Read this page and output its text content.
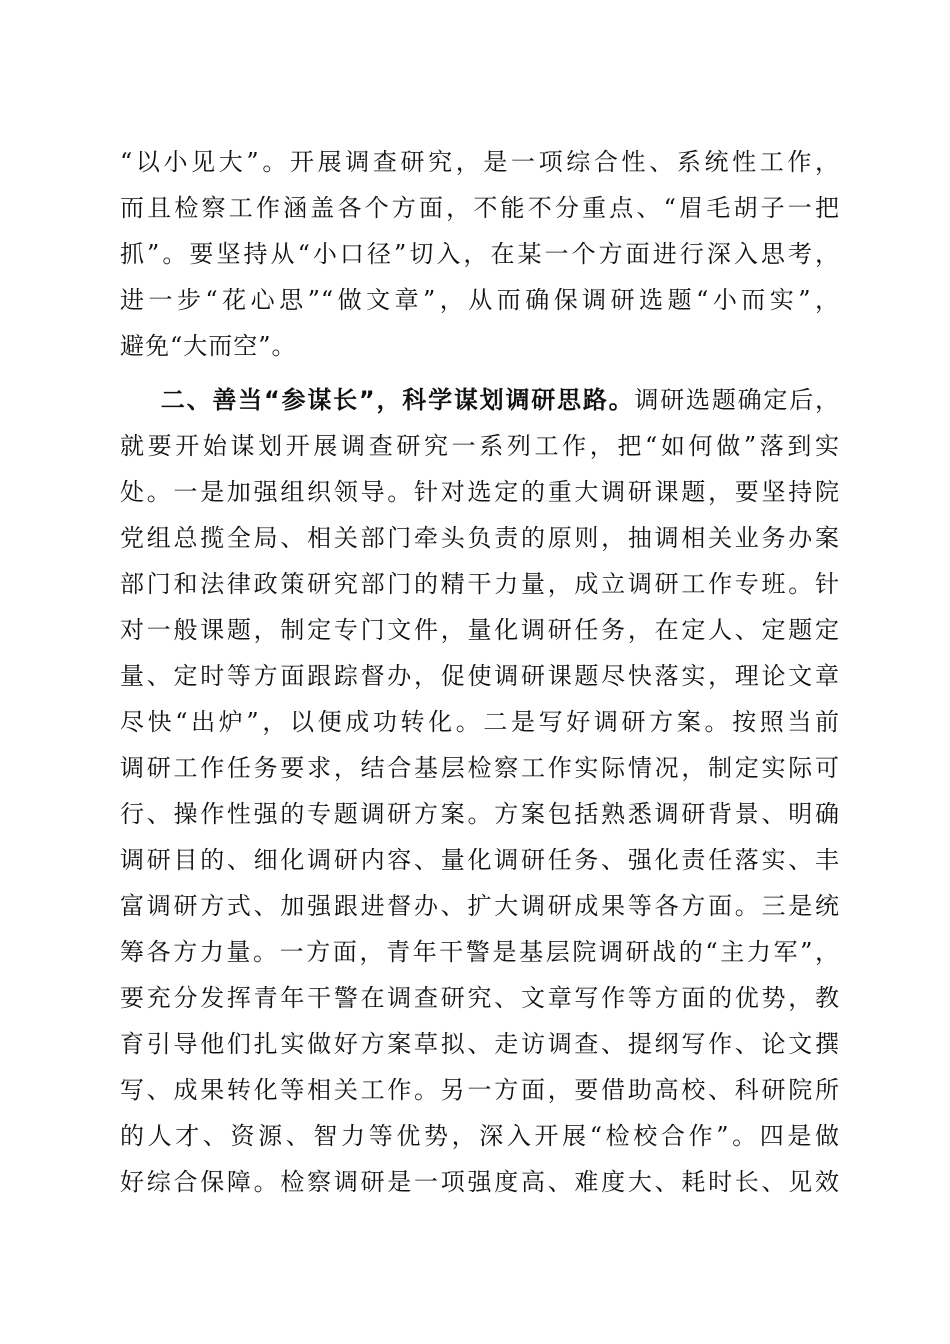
“以小见大”。开展调查研究，是一项综合性、系统性工作，
而且检察工作涵盖各个方面，不能不分重点、“眉毛胡子一把
抓”。要坚持从“小口径”切入，在某一个方面进行深入思考，
进一步“花心思”“做文章”，从而确保调研选题“小而实”，
避免“大而空”。
二、善当“参谋长”，科学谋划调研思路。调研选题确定后，
就要开始谋划开展调查研究一系列工作，把“如何做”落到实
处。一是加强组织领导。针对选定的重大调研课题，要坚持院
党组总揽全局、相关部门牵头负责的原则，抽调相关业务办案
部门和法律政策研究部门的精干力量，成立调研工作专班。针
对一般课题，制定专门文件，量化调研任务，在定人、定题定
量、定时等方面跟踪督办，促使调研课题尽快落实，理论文章
尽快“出炉”，以便成功转化。二是写好调研方案。按照当前
调研工作任务要求，结合基层检察工作实际情况，制定实际可
行、操作性强的专题调研方案。方案包括熟悉调研背景、明确
调研目的、细化调研内容、量化调研任务、强化责任落实、丰
富调研方式、加强跟进督办、扩大调研成果等各方面。三是统
筹各方力量。一方面，青年干警是基层院调研战的“主力军”，
要充分发挥青年干警在调查研究、文章写作等方面的优势，教
育引导他们扎实做好方案草拟、走访调查、提纲写作、论文撰
写、成果转化等相关工作。另一方面，要借助高校、科研院所
的人才、资源、智力等优势，深入开展“检校合作”。四是做
好综合保障。检察调研是一项强度高、难度大、耗时长、见效
